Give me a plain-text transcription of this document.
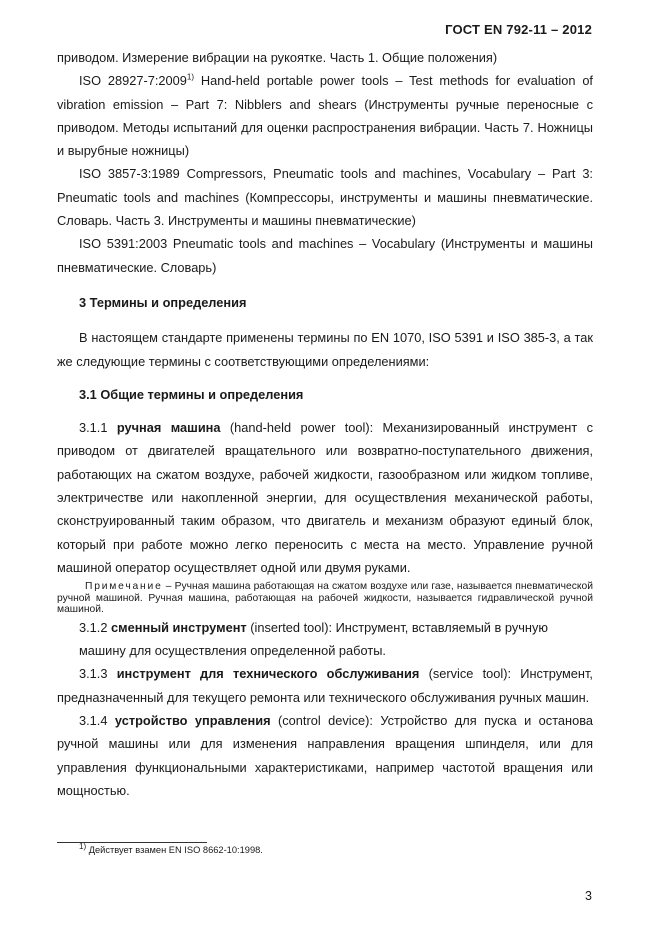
ГОСТ EN 792-11 – 2012

приводом. Измерение вибрации на рукоятке. Часть 1. Общие положения)

ISO 28927-7:2009$^{1)}$ Hand-held portable power tools – Test methods for evaluation of vibration emission – Part 7: Nibblers and shears (Инструменты ручные переносные с приводом. Методы испытаний для оценки распространения вибрации. Часть 7. Ножницы и вырубные ножницы)

ISO 3857-3:1989 Compressors, Pneumatic tools and machines, Vocabulary – Part 3: Pneumatic tools and machines (Компрессоры, инструменты и машины пневматические. Словарь. Часть 3. Инструменты и машины пневматические)

ISO 5391:2003 Pneumatic tools and machines – Vocabulary (Инструменты и машины пневматические. Словарь)

3 Термины и определения

В настоящем стандарте применены термины по EN 1070, ISO 5391 и ISO 385-3, а так же следующие термины с соответствующими определениями:

3.1 Общие термины и определения

3.1.1 ручная машина (hand-held power tool): Механизированный инструмент с приводом от двигателей вращательного или возвратно-поступательного движения, работающих на сжатом воздухе, рабочей жидкости, газообразном или жидком топливе, электричестве или накопленной энергии, для осуществления механической работы, сконструированный таким образом, что двигатель и механизм образуют единый блок, который при работе можно легко переносить с места на место. Управление ручной машиной оператор осуществляет одной или двумя руками.

Примечание – Ручная машина работающая на сжатом воздухе или газе, называется пневматической ручной машиной. Ручная машина, работающая на рабочей жидкости, называется гидравлической ручной машиной.

3.1.2 сменный инструмент (inserted tool): Инструмент, вставляемый в ручную

машину для осуществления определенной работы.

3.1.3 инструмент для технического обслуживания (service tool): Инструмент, предназначенный для текущего ремонта или технического обслуживания ручных машин.

3.1.4 устройство управления (control device): Устройство для пуска и останова ручной машины или для изменения направления вращения шпинделя, или для управления функциональными характеристиками, например частотой вращения или мощностью.

1) Действует взамен EN ISO 8662-10:1998.
3
